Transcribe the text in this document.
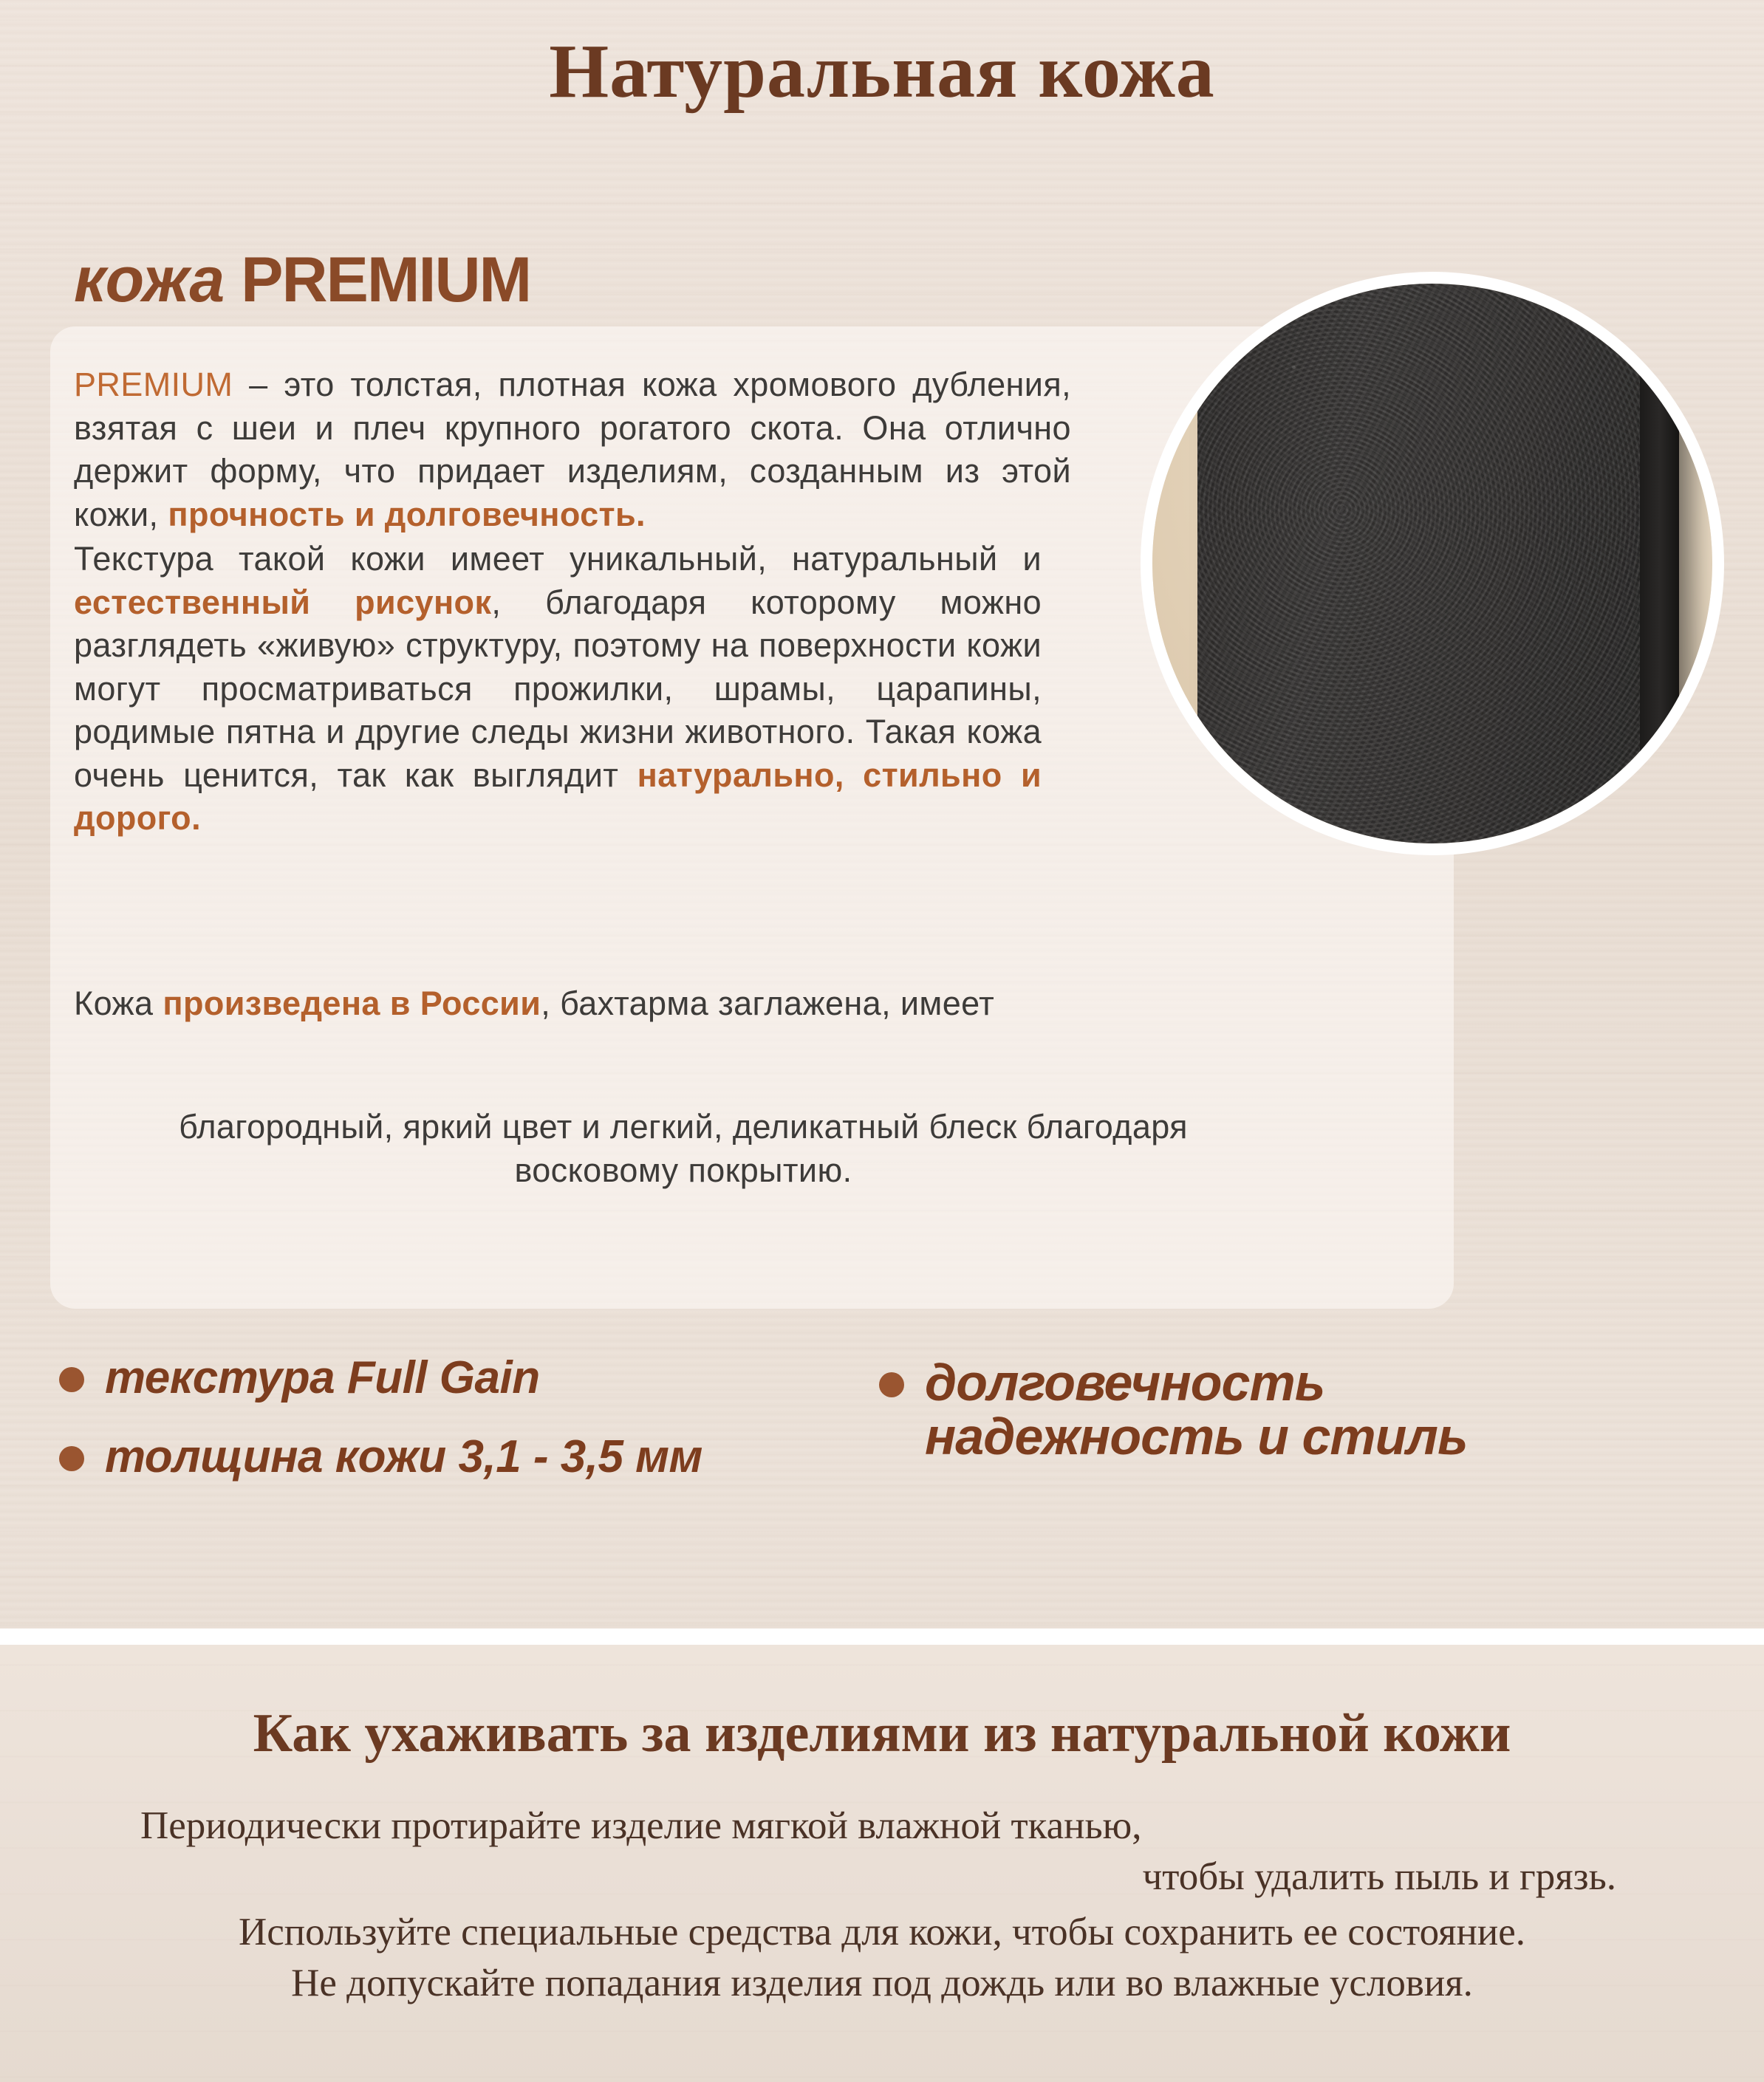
Натуральная кожа
кожа PREMIUM

PREMIUM – это толстая, плотная кожа хромового дубления, взятая с шеи и плеч крупного рогатого скота. Она отлично держит форму, что придает изделиям, созданным из этой кожи, прочность и долговечность.

Текстура такой кожи имеет уникальный, натуральный и естественный рисунок, благодаря которому можно разглядеть «живую» структуру, поэтому на поверхности кожи могут просматриваться прожилки, шрамы, царапины, родимые пятна и другие следы жизни животного. Такая кожа очень ценится, так как выглядит натурально, стильно и дорого.

Кожа произведена в России, бахтарма заглажена, имеет

благородный, яркий цвет и легкий, деликатный блеск благодаря восковому покрытию.

текстура Full Gain
толщина кожи 3,1 - 3,5 мм
долговечность
надежность и стиль
Как ухаживать за изделиями из натуральной кожи
Периодически протирайте изделие мягкой влажной тканью,
чтобы удалить пыль и грязь.
Используйте специальные средства для кожи, чтобы сохранить ее состояние.
Не допускайте попадания изделия под дождь или во влажные условия.
